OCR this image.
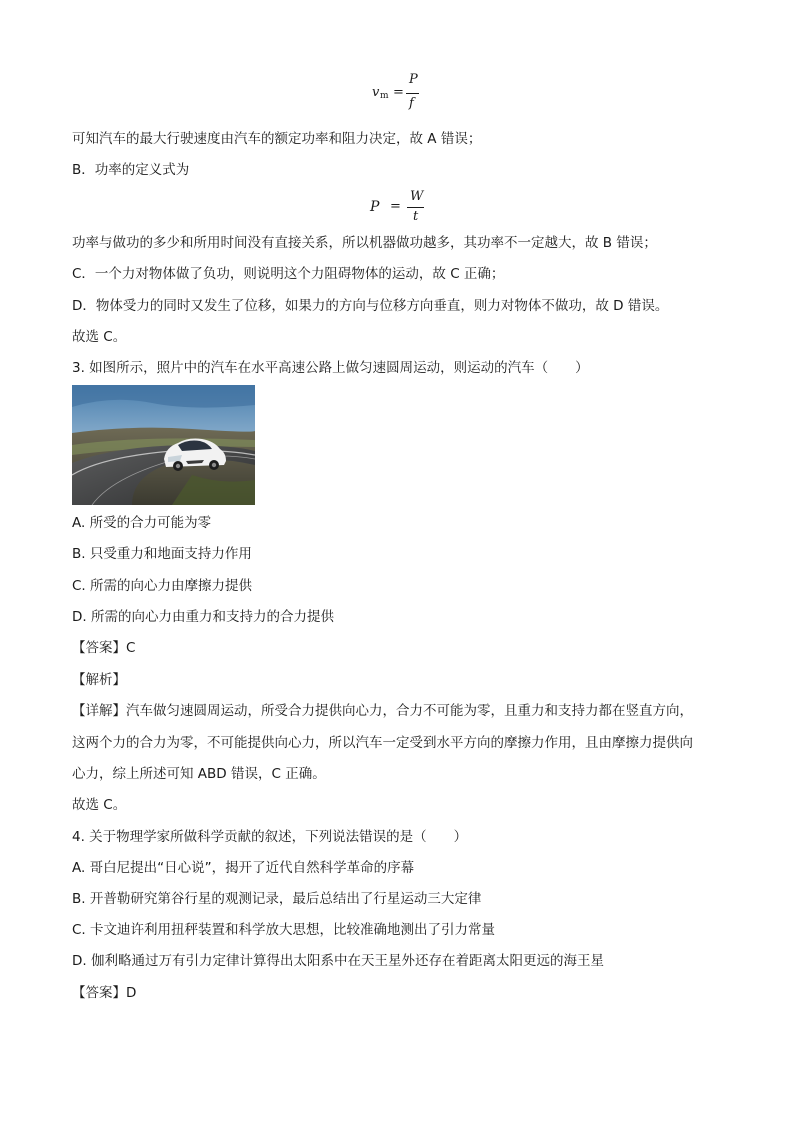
v m =
P
f
可知汽车的最大行驶速度由汽车的额定功率和阻力决定，故 A 错误；
B．功率的定义式为
P =
W
t
功率与做功的多少和所用时间没有直接关系，所以机器做功越多，其功率不一定越大，故 B 错误；
C．一个力对物体做了负功，则说明这个力阻碍物体的运动，故 C 正确；
D．物体受力的同时又发生了位移，如果力的方向与位移方向垂直，则力对物体不做功，故 D 错误。
故选 C。
3. 如图所示，照片中的汽车在水平高速公路上做匀速圆周运动，则运动的汽车（　　）
A. 所受的合力可能为零
B. 只受重力和地面支持力作用
C. 所需的向心力由摩擦力提供
D. 所需的向心力由重力和支持力的合力提供
【答案】C
【解析】
【详解】汽车做匀速圆周运动，所受合力提供向心力，合力不可能为零，且重力和支持力都在竖直方向，
这两个力的合力为零，不可能提供向心力，所以汽车一定受到水平方向的摩擦力作用，且由摩擦力提供向
心力，综上所述可知 ABD 错误，C 正确。
故选 C。
4. 关于物理学家所做科学贡献的叙述，下列说法错误的是（　　）
A. 哥白尼提出“日心说”，揭开了近代自然科学革命的序幕
B. 开普勒研究第谷行星的观测记录，最后总结出了行星运动三大定律
C. 卡文迪许利用扭秤装置和科学放大思想，比较准确地测出了引力常量
D. 伽利略通过万有引力定律计算得出太阳系中在天王星外还存在着距离太阳更远的海王星
【答案】D
